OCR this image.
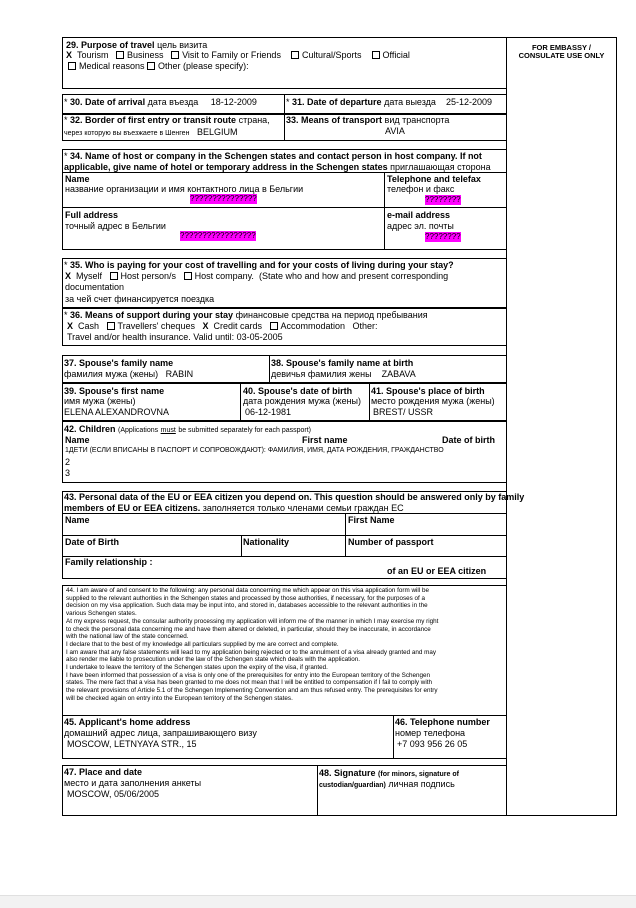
FOR EMBASSY /
CONSULATE USE ONLY
29. Purpose of travel цель визита
X Tourism Business Visit to Family or Friends Cultural/Sports Official
Medical reasons Other (please specify):
* 30. Date of arrival дата въезда 18-12-2009	* 31. Date of departure дата выезда 25-12-2009
* 32. Border of first entry or transit route страна,
через которую вы въезжаете в Шенген BELGIUM
33. Means of transport вид транспорта
AVIA
* 34. Name of host or company in the Schengen states and contact person in host company. If not
applicable, give name of hotel or temporary address in the Schengen states приглашающая сторона
Name
название организации и имя контактного лица в Бельгии
???????????????
Telephone and telefax
телефон и факс
????????
Full address
точный адрес в Бельгии
?????????????????
e-mail address
адрес эл. почты
????????
* 35. Who is paying for your cost of travelling and for your costs of living during your stay?
X Myself Host person/s Host company. (State who and how and present corresponding
documentation
за чей счет финансируется поездка
* 36. Means of support during your stay финансовые средства на период пребывания
X Cash Travellers' cheques X Credit cards Accommodation Other:
Travel and/or health insurance. Valid until: 03-05-2005
37. Spouse's family name
фамилия мужа (жены) RABIN
38. Spouse's family name at birth
девичья фамилия жены ZABAVA
39. Spouse's first name
имя мужа (жены)
ELENA ALEXANDROVNA
40. Spouse's date of birth
дата рождения мужа (жены)
06-12-1981
41. Spouse's place of birth
место рождения мужа (жены)
BREST/ USSR
42. Children (Applications must be submitted separately for each passport)
Name	First name	Date of birth
1ДЕТИ (ЕСЛИ ВПИСАНЫ В ПАСПОРТ И СОПРОВОЖДАЮТ): ФАМИЛИЯ, ИМЯ, ДАТА РОЖДЕНИЯ, ГРАЖДАНСТВО
2
3
43. Personal data of the EU or EEA citizen you depend on. This question should be answered only by family
members of EU or EEA citizens. заполняется только членами семьи граждан ЕС
Name	First Name
Date of Birth	Nationality	Number of passport
Family relationship :
of an EU or EEA citizen
44. I am aware of and consent to the following: any personal data concerning me which appear on this visa application form will be
supplied to the relevant authorities in the Schengen states and processed by those authorities, if necessary, for the purposes of a
decision on my visa application. Such data may be input into, and stored in, databases accessible to the relevant authorities in the
various Schengen states.
At my express request, the consular authority processing my application will inform me of the manner in which I may exercise my right
to check the personal data concerning me and have them altered or deleted, in particular, should they be inaccurate, in accordance
with the national law of the state concerned.
I declare that to the best of my knowledge all particulars supplied by me are correct and complete.
I am aware that any false statements will lead to my application being rejected or to the annulment of a visa already granted and may
also render me liable to prosecution under the law of the Schengen state which deals with the application.
I undertake to leave the territory of the Schengen states upon the expiry of the visa, if granted.
I have been informed that possession of a visa is only one of the prerequisites for entry into the European territory of the Schengen
states. The mere fact that a visa has been granted to me does not mean that I will be entitled to compensation if I fail to comply with
the relevant provisions of Article 5.1 of the Schengen Implementing Convention and am thus refused entry. The prerequisites for entry
will be checked again on entry into the European territory of the Schengen states.
45. Applicant's home address
домашний адрес лица, запрашивающего визу
MOSCOW, LETNYAYA STR., 15
46. Telephone number
номер телефона
+7 093 956 26 05
47. Place and date
место и дата заполнения анкеты
MOSCOW, 05/06/2005
48. Signature (for minors, signature of
custodian/guardian) личная подпись
